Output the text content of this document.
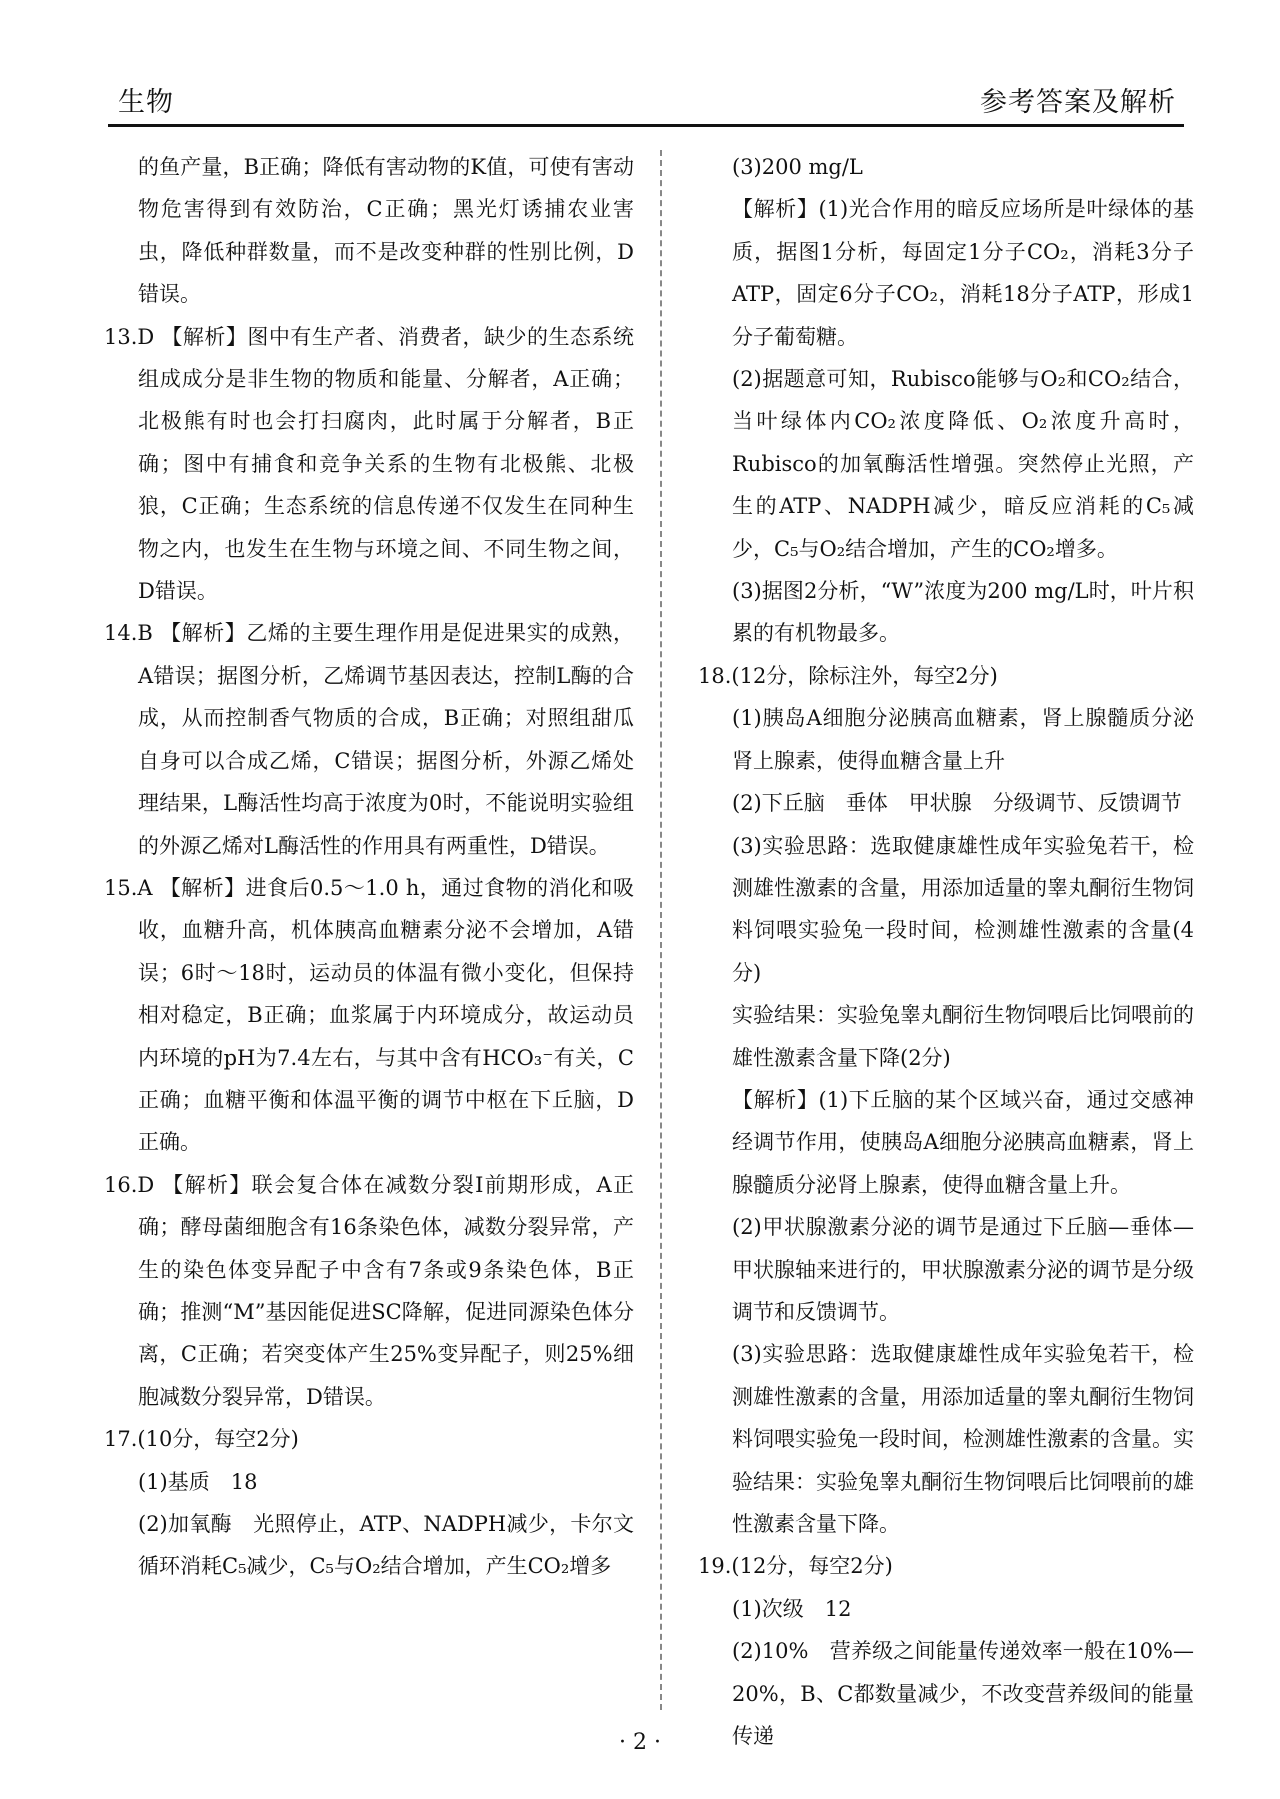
生物	参考答案及解析

的鱼产量，B正确；降低有害动物的K值，可使有害动物危害得到有效防治，C正确；黑光灯诱捕农业害虫，降低种群数量，而不是改变种群的性别比例，D错误。

13.D 【解析】图中有生产者、消费者，缺少的生态系统组成成分是非生物的物质和能量、分解者，A正确；北极熊有时也会打扫腐肉，此时属于分解者，B正确；图中有捕食和竞争关系的生物有北极熊、北极狼，C正确；生态系统的信息传递不仅发生在同种生物之内，也发生在生物与环境之间、不同生物之间，D错误。

14.B 【解析】乙烯的主要生理作用是促进果实的成熟，A错误；据图分析，乙烯调节基因表达，控制L酶的合成，从而控制香气物质的合成，B正确；对照组甜瓜自身可以合成乙烯，C错误；据图分析，外源乙烯处理结果，L酶活性均高于浓度为0时，不能说明实验组的外源乙烯对L酶活性的作用具有两重性，D错误。

15.A 【解析】进食后0.5～1.0 h，通过食物的消化和吸收，血糖升高，机体胰高血糖素分泌不会增加，A错误；6时～18时，运动员的体温有微小变化，但保持相对稳定，B正确；血浆属于内环境成分，故运动员内环境的pH为7.4左右，与其中含有HCO₃⁻有关，C正确；血糖平衡和体温平衡的调节中枢在下丘脑，D正确。

16.D 【解析】联会复合体在减数分裂Ⅰ前期形成，A正确；酵母菌细胞含有16条染色体，减数分裂异常，产生的染色体变异配子中含有7条或9条染色体，B正确；推测“M”基因能促进SC降解，促进同源染色体分离，C正确；若突变体产生25%变异配子，则25%细胞减数分裂异常，D错误。

17.(10分，每空2分)

(1)基质　18

(2)加氧酶　光照停止，ATP、NADPH减少，卡尔文循环消耗C₅减少，C₅与O₂结合增加，产生CO₂增多

(3)200 mg/L

【解析】(1)光合作用的暗反应场所是叶绿体的基质，据图1分析，每固定1分子CO₂，消耗3分子ATP，固定6分子CO₂，消耗18分子ATP，形成1分子葡萄糖。

(2)据题意可知，Rubisco能够与O₂和CO₂结合，当叶绿体内CO₂浓度降低、O₂浓度升高时，Rubisco的加氧酶活性增强。突然停止光照，产生的ATP、NADPH减少，暗反应消耗的C₅减少，C₅与O₂结合增加，产生的CO₂增多。

(3)据图2分析，“W”浓度为200 mg/L时，叶片积累的有机物最多。

18.(12分，除标注外，每空2分)

(1)胰岛A细胞分泌胰高血糖素，肾上腺髓质分泌肾上腺素，使得血糖含量上升

(2)下丘脑　垂体　甲状腺　分级调节、反馈调节

(3)实验思路：选取健康雄性成年实验兔若干，检测雄性激素的含量，用添加适量的睾丸酮衍生物饲料饲喂实验兔一段时间，检测雄性激素的含量(4分)

实验结果：实验兔睾丸酮衍生物饲喂后比饲喂前的雄性激素含量下降(2分)

【解析】(1)下丘脑的某个区域兴奋，通过交感神经调节作用，使胰岛A细胞分泌胰高血糖素，肾上腺髓质分泌肾上腺素，使得血糖含量上升。

(2)甲状腺激素分泌的调节是通过下丘脑—垂体—甲状腺轴来进行的，甲状腺激素分泌的调节是分级调节和反馈调节。

(3)实验思路：选取健康雄性成年实验兔若干，检测雄性激素的含量，用添加适量的睾丸酮衍生物饲料饲喂实验兔一段时间，检测雄性激素的含量。实验结果：实验兔睾丸酮衍生物饲喂后比饲喂前的雄性激素含量下降。

19.(12分，每空2分)

(1)次级　12

(2)10%　营养级之间能量传递效率一般在10%—20%，B、C都数量减少，不改变营养级间的能量传递

· 2 ·
